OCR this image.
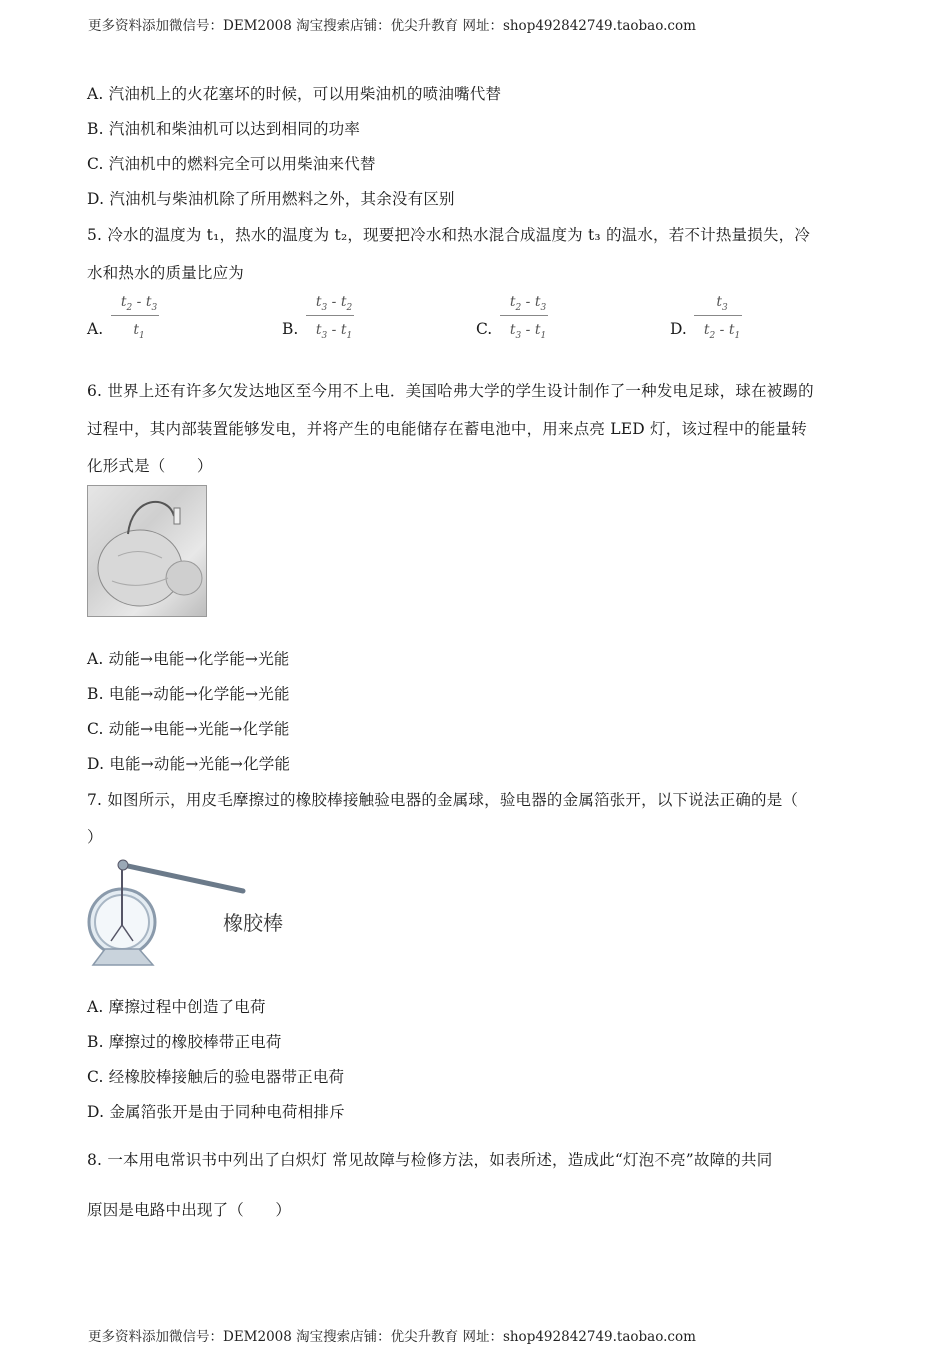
更多资料添加微信号：DEM2008 淘宝搜索店铺：优尖升教育 网址：shop492842749.taobao.com
A. 汽油机上的火花塞坏的时候，可以用柴油机的喷油嘴代替
B. 汽油机和柴油机可以达到相同的功率
C. 汽油机中的燃料完全可以用柴油来代替
D. 汽油机与柴油机除了所用燃料之外，其余没有区别
5. 冷水的温度为 t₁，热水的温度为 t₂，现要把冷水和热水混合成温度为 t₃ 的温水，若不计热量损失，冷
水和热水的质量比应为
A.
$t_2 - t_3$
$t_1$	B.
$t_3 - t_2$
$t_3 - t_1$	C.
$t_2 - t_3$
$t_3 - t_1$	D.
$t_3$
$t_2 - t_1$
6. 世界上还有许多欠发达地区至今用不上电．美国哈弗大学的学生设计制作了一种发电足球，球在被踢的
过程中，其内部装置能够发电，并将产生的电能储存在蓄电池中，用来点亮 LED 灯，该过程中的能量转
化形式是（　　）
A. 动能→电能→化学能→光能
B. 电能→动能→化学能→光能
C. 动能→电能→光能→化学能
D. 电能→动能→光能→化学能
7. 如图所示，用皮毛摩擦过的橡胶棒接触验电器的金属球，验电器的金属箔张开，以下说法正确的是（
）
橡胶棒
A. 摩擦过程中创造了电荷
B. 摩擦过的橡胶棒带正电荷
C. 经橡胶棒接触后的验电器带正电荷
D. 金属箔张开是由于同种电荷相排斥
8. 一本用电常识书中列出了白炽灯 常见故障与检修方法，如表所述，造成此“灯泡不亮”故障的共同
原因是电路中出现了（　　）
更多资料添加微信号：DEM2008 淘宝搜索店铺：优尖升教育 网址：shop492842749.taobao.com
